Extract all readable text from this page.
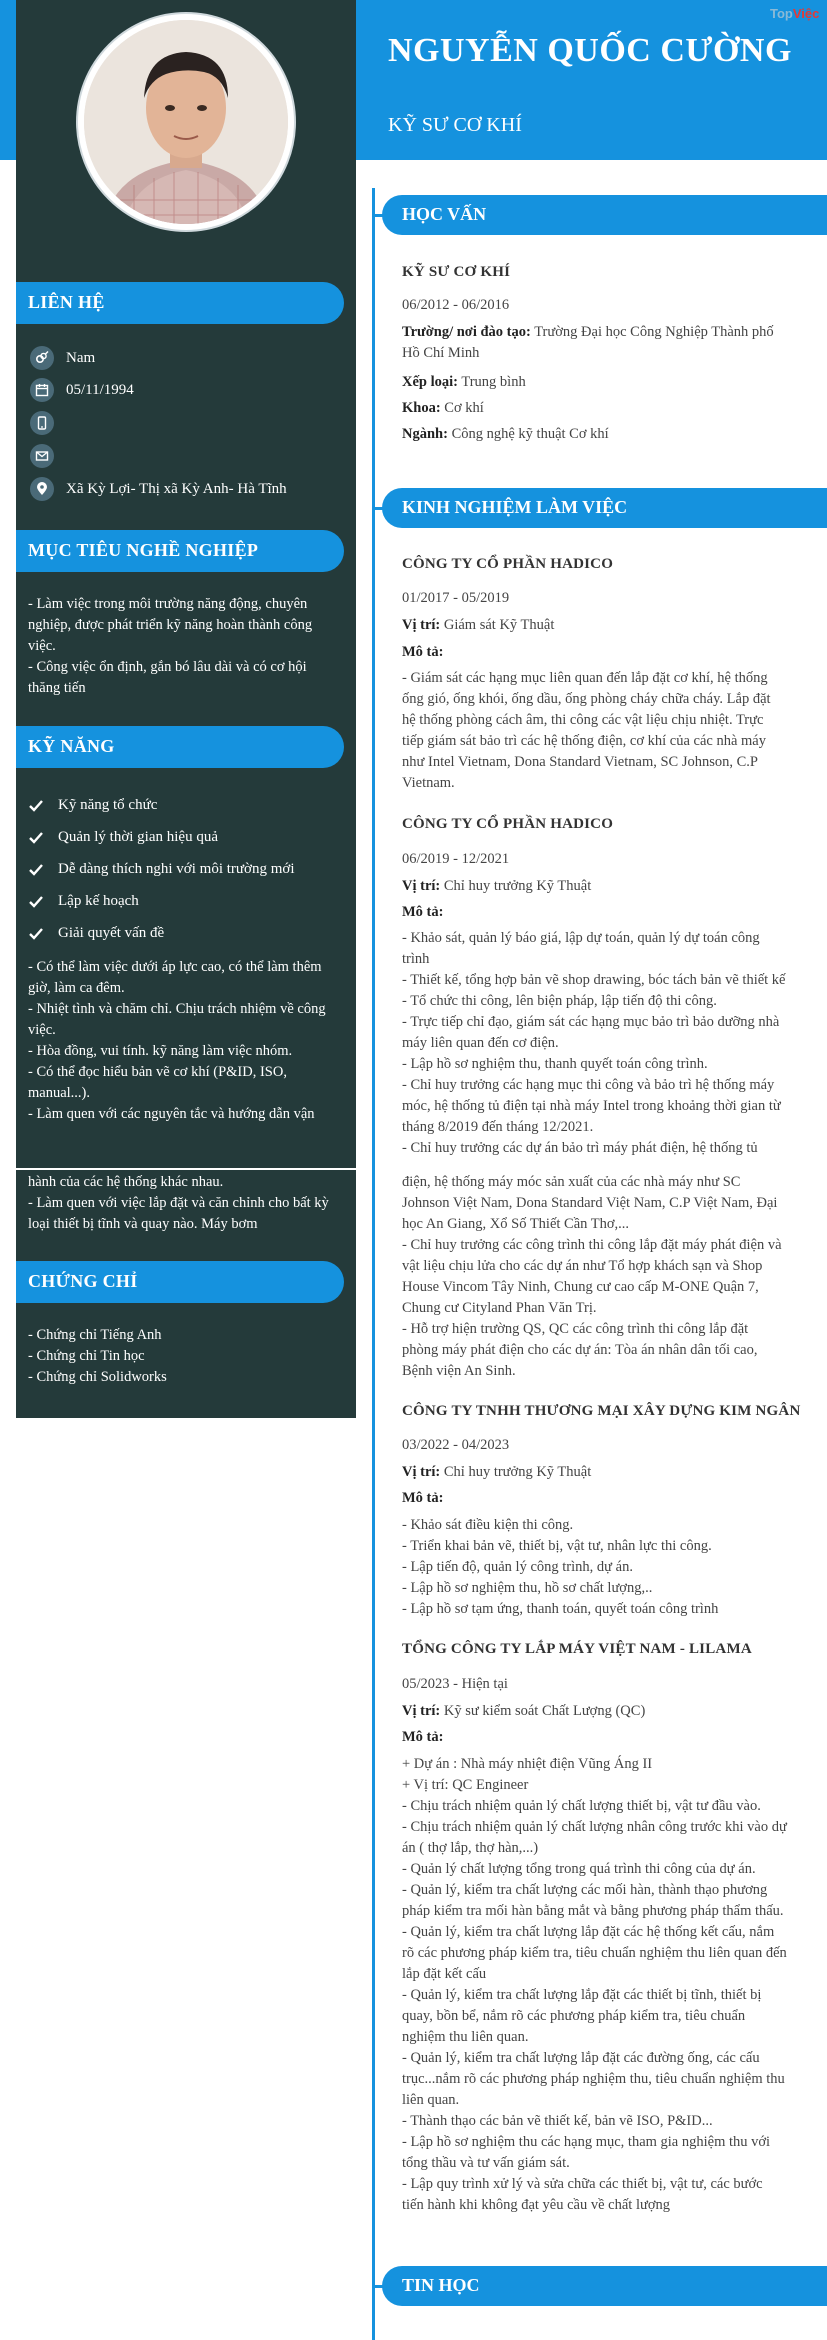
TopViệc
NGUYỄN QUỐC CƯỜNG
KỸ SƯ CƠ KHÍ
LIÊN HỆ
Nam
05/11/1994
Xã Kỳ Lợi- Thị xã Kỳ Anh- Hà Tĩnh
MỤC TIÊU NGHỀ NGHIỆP
- Làm việc trong môi trường năng động, chuyên
nghiệp, được phát triển kỹ năng hoàn thành công
việc.
- Công việc ổn định, gắn bó lâu dài và có cơ hội
thăng tiến
KỸ NĂNG
Kỹ năng tổ chức
Quản lý thời gian hiệu quả
Dễ dàng thích nghi với môi trường mới
Lập kế hoạch
Giải quyết vấn đề
- Có thể làm việc dưới áp lực cao, có thể làm thêm
giờ, làm ca đêm.
- Nhiệt tình và chăm chỉ. Chịu trách nhiệm về công
việc.
- Hòa đồng, vui tính. kỹ năng làm việc nhóm.
- Có thể đọc hiểu bản vẽ cơ khí (P&ID, ISO,
manual...).
- Làm quen với các nguyên tắc và hướng dẫn vận
hành của các hệ thống khác nhau.
- Làm quen với việc lắp đặt và căn chỉnh cho bất kỳ
loại thiết bị tĩnh và quay nào. Máy bơm
CHỨNG CHỈ
- Chứng chỉ Tiếng Anh
- Chứng chỉ Tin học
- Chứng chỉ Solidworks
HỌC VẤN
KỸ SƯ CƠ KHÍ
06/2012 - 06/2016
Trường/ nơi đào tạo: Trường Đại học Công Nghiệp Thành phố
Hồ Chí Minh
Xếp loại: Trung bình
Khoa: Cơ khí
Ngành: Công nghệ kỹ thuật Cơ khí
KINH NGHIỆM LÀM VIỆC
CÔNG TY CỔ PHẦN HADICO
01/2017 - 05/2019
Vị trí: Giám sát Kỹ Thuật
Mô tả:
- Giám sát các hạng mục liên quan đến lắp đặt cơ khí, hệ thống
ống gió, ống khói, ống dầu, ống phòng cháy chữa cháy. Lắp đặt
hệ thống phòng cách âm, thi công các vật liệu chịu nhiệt. Trực
tiếp giám sát bảo trì các hệ thống điện, cơ khí của các nhà máy
như Intel Vietnam, Dona Standard Vietnam, SC Johnson, C.P
Vietnam.
CÔNG TY CỔ PHẦN HADICO
06/2019 - 12/2021
Vị trí: Chỉ huy trưởng Kỹ Thuật
Mô tả:
- Khảo sát, quản lý báo giá, lập dự toán, quản lý dự toán công
trình
- Thiết kế, tổng hợp bản vẽ shop drawing, bóc tách bản vẽ thiết kế
- Tổ chức thi công, lên biện pháp, lập tiến độ thi công.
- Trực tiếp chỉ đạo, giám sát các hạng mục bảo trì bảo dưỡng nhà
máy liên quan đến cơ điện.
- Lập hồ sơ nghiệm thu, thanh quyết toán công trình.
- Chỉ huy trưởng các hạng mục thi công và bảo trì hệ thống máy
móc, hệ thống tủ điện tại nhà máy Intel trong khoảng thời gian từ
tháng 8/2019 đến tháng 12/2021.
- Chỉ huy trưởng các dự án bảo trì máy phát điện, hệ thống tủ
điện, hệ thống máy móc sản xuất của các nhà máy như SC
Johnson Việt Nam, Dona Standard Việt Nam, C.P Việt Nam, Đại
học An Giang, Xổ Số Thiết Cần Thơ,...
- Chỉ huy trưởng các công trình thi công lắp đặt máy phát điện và
vật liệu chịu lửa cho các dự án như Tổ hợp khách sạn và Shop
House Vincom Tây Ninh, Chung cư cao cấp M-ONE Quận 7,
Chung cư Cityland Phan Văn Trị.
- Hỗ trợ hiện trường QS, QC các công trình thi công lắp đặt
phòng máy phát điện cho các dự án: Tòa án nhân dân tối cao,
Bệnh viện An Sinh.
CÔNG TY TNHH THƯƠNG MẠI XÂY DỰNG KIM NGÂN
03/2022 - 04/2023
Vị trí: Chỉ huy trưởng Kỹ Thuật
Mô tả:
- Khảo sát điều kiện thi công.
- Triển khai bản vẽ, thiết bị, vật tư, nhân lực thi công.
- Lập tiến độ, quản lý công trình, dự án.
- Lập hồ sơ nghiệm thu, hồ sơ chất lượng,..
- Lập hồ sơ tạm ứng, thanh toán, quyết toán công trình
TỔNG CÔNG TY LẮP MÁY VIỆT NAM - LILAMA
05/2023 - Hiện tại
Vị trí: Kỹ sư kiểm soát Chất Lượng (QC)
Mô tả:
+ Dự án : Nhà máy nhiệt điện Vũng Áng II
+ Vị trí: QC Engineer
- Chịu trách nhiệm quản lý chất lượng thiết bị, vật tư đầu vào.
- Chịu trách nhiệm quản lý chất lượng nhân công trước khi vào dự
án ( thợ lắp, thợ hàn,...)
- Quản lý chất lượng tổng trong quá trình thi công của dự án.
- Quản lý, kiểm tra chất lượng các mối hàn, thành thạo phương
pháp kiểm tra mối hàn bằng mắt và bằng phương pháp thẩm thấu.
- Quản lý, kiểm tra chất lượng lắp đặt các hệ thống kết cấu, nắm
rõ các phương pháp kiểm tra, tiêu chuẩn nghiệm thu liên quan đến
lắp đặt kết cấu
- Quản lý, kiểm tra chất lượng lắp đặt các thiết bị tĩnh, thiết bị
quay, bồn bể, nắm rõ các phương pháp kiểm tra, tiêu chuẩn
nghiệm thu liên quan.
- Quản lý, kiểm tra chất lượng lắp đặt các đường ống, các cấu
trục...nắm rõ các phương pháp nghiệm thu, tiêu chuẩn nghiệm thu
liên quan.
- Thành thạo các bản vẽ thiết kế, bản vẽ ISO, P&ID...
- Lập hồ sơ nghiệm thu các hạng mục, tham gia nghiệm thu với
tổng thầu và tư vấn giám sát.
- Lập quy trình xử lý và sửa chữa các thiết bị, vật tư, các bước
tiến hành khi không đạt yêu cầu về chất lượng
TIN HỌC
